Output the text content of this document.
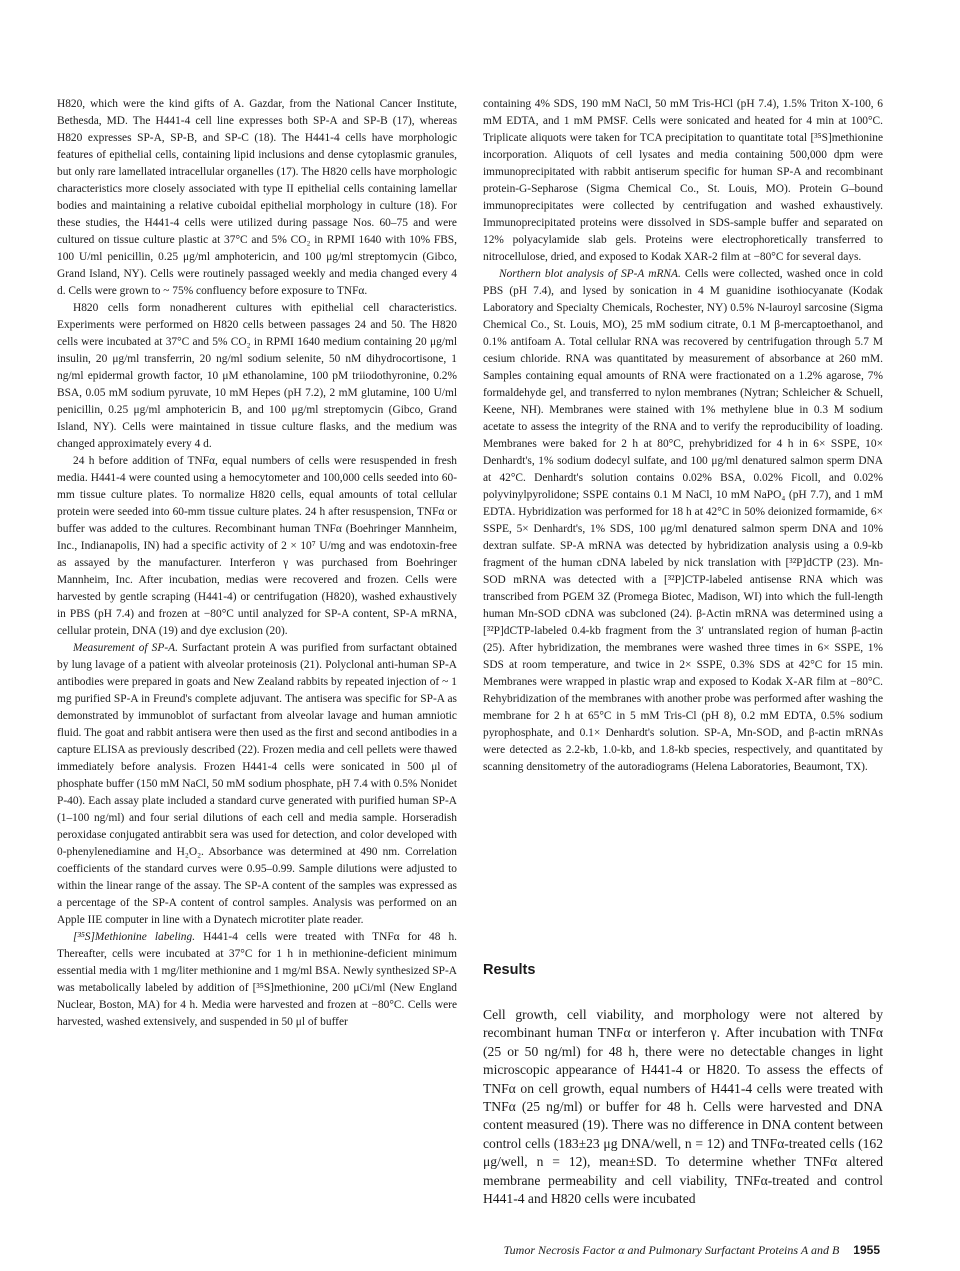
H820, which were the kind gifts of A. Gazdar, from the National Cancer Institute, Bethesda, MD. The H441-4 cell line expresses both SP-A and SP-B (17), whereas H820 expresses SP-A, SP-B, and SP-C (18). The H441-4 cells have morphologic features of epithelial cells, containing lipid inclusions and dense cytoplasmic granules, but only rare lamellated intracellular organelles (17). The H820 cells have morphologic characteristics more closely associated with type II epithelial cells containing lamellar bodies and maintaining a relative cuboidal epithelial morphology in culture (18). For these studies, the H441-4 cells were utilized during passage Nos. 60–75 and were cultured on tissue culture plastic at 37°C and 5% CO₂ in RPMI 1640 with 10% FBS, 100 U/ml penicillin, 0.25 μg/ml amphotericin, and 100 μg/ml streptomycin (Gibco, Grand Island, NY). Cells were routinely passaged weekly and media changed every 4 d. Cells were grown to ~ 75% confluency before exposure to TNFα.

H820 cells form nonadherent cultures with epithelial cell characteristics. Experiments were performed on H820 cells between passages 24 and 50. The H820 cells were incubated at 37°C and 5% CO₂ in RPMI 1640 medium containing 20 μg/ml insulin, 20 μg/ml transferrin, 20 ng/ml sodium selenite, 50 nM dihydrocortisone, 1 ng/ml epidermal growth factor, 10 μM ethanolamine, 100 pM triiodothyronine, 0.2% BSA, 0.05 mM sodium pyruvate, 10 mM Hepes (pH 7.2), 2 mM glutamine, 100 U/ml penicillin, 0.25 μg/ml amphotericin B, and 100 μg/ml streptomycin (Gibco, Grand Island, NY). Cells were maintained in tissue culture flasks, and the medium was changed approximately every 4 d.

24 h before addition of TNFα, equal numbers of cells were resuspended in fresh media. H441-4 were counted using a hemocytometer and 100,000 cells seeded into 60-mm tissue culture plates. To normalize H820 cells, equal amounts of total cellular protein were seeded into 60-mm tissue culture plates. 24 h after resuspension, TNFα or buffer was added to the cultures. Recombinant human TNFα (Boehringer Mannheim, Inc., Indianapolis, IN) had a specific activity of 2 × 10⁷ U/mg and was endotoxin-free as assayed by the manufacturer. Interferon γ was purchased from Boehringer Mannheim, Inc. After incubation, medias were recovered and frozen. Cells were harvested by gentle scraping (H441-4) or centrifugation (H820), washed exhaustively in PBS (pH 7.4) and frozen at −80°C until analyzed for SP-A content, SP-A mRNA, cellular protein, DNA (19) and dye exclusion (20).

Measurement of SP-A. Surfactant protein A was purified from surfactant obtained by lung lavage of a patient with alveolar proteinosis (21). Polyclonal anti-human SP-A antibodies were prepared in goats and New Zealand rabbits by repeated injection of ~ 1 mg purified SP-A in Freund's complete adjuvant. The antisera was specific for SP-A as demonstrated by immunoblot of surfactant from alveolar lavage and human amniotic fluid. The goat and rabbit antisera were then used as the first and second antibodies in a capture ELISA as previously described (22). Frozen media and cell pellets were thawed immediately before analysis. Frozen H441-4 cells were sonicated in 500 μl of phosphate buffer (150 mM NaCl, 50 mM sodium phosphate, pH 7.4 with 0.5% Nonidet P-40). Each assay plate included a standard curve generated with purified human SP-A (1–100 ng/ml) and four serial dilutions of each cell and media sample. Horseradish peroxidase conjugated antirabbit sera was used for detection, and color developed with 0-phenylenediamine and H₂O₂. Absorbance was determined at 490 nm. Correlation coefficients of the standard curves were 0.95–0.99. Sample dilutions were adjusted to within the linear range of the assay. The SP-A content of the samples was expressed as a percentage of the SP-A content of control samples. Analysis was performed on an Apple IIE computer in line with a Dynatech microtiter plate reader.

[³⁵S]Methionine labeling. H441-4 cells were treated with TNFα for 48 h. Thereafter, cells were incubated at 37°C for 1 h in methionine-deficient minimum essential media with 1 mg/liter methionine and 1 mg/ml BSA. Newly synthesized SP-A was metabolically labeled by addition of [³⁵S]methionine, 200 μCi/ml (New England Nuclear, Boston, MA) for 4 h. Media were harvested and frozen at −80°C. Cells were harvested, washed extensively, and suspended in 50 μl of buffer

containing 4% SDS, 190 mM NaCl, 50 mM Tris-HCl (pH 7.4), 1.5% Triton X-100, 6 mM EDTA, and 1 mM PMSF. Cells were sonicated and heated for 4 min at 100°C. Triplicate aliquots were taken for TCA precipitation to quantitate total [³⁵S]methionine incorporation. Aliquots of cell lysates and media containing 500,000 dpm were immunoprecipitated with rabbit antiserum specific for human SP-A and recombinant protein-G-Sepharose (Sigma Chemical Co., St. Louis, MO). Protein G–bound immunoprecipitates were collected by centrifugation and washed exhaustively. Immunoprecipitated proteins were dissolved in SDS-sample buffer and separated on 12% polyacylamide slab gels. Proteins were electrophoretically transferred to nitrocellulose, dried, and exposed to Kodak XAR-2 film at −80°C for several days.

Northern blot analysis of SP-A mRNA. Cells were collected, washed once in cold PBS (pH 7.4), and lysed by sonication in 4 M guanidine isothiocyanate (Kodak Laboratory and Specialty Chemicals, Rochester, NY) 0.5% N-lauroyl sarcosine (Sigma Chemical Co., St. Louis, MO), 25 mM sodium citrate, 0.1 M β-mercaptoethanol, and 0.1% antifoam A. Total cellular RNA was recovered by centrifugation through 5.7 M cesium chloride. RNA was quantitated by measurement of absorbance at 260 mM. Samples containing equal amounts of RNA were fractionated on a 1.2% agarose, 7% formaldehyde gel, and transferred to nylon membranes (Nytran; Schleicher & Schuell, Keene, NH). Membranes were stained with 1% methylene blue in 0.3 M sodium acetate to assess the integrity of the RNA and to verify the reproducibility of loading. Membranes were baked for 2 h at 80°C, prehybridized for 4 h in 6× SSPE, 10× Denhardt's, 1% sodium dodecyl sulfate, and 100 μg/ml denatured salmon sperm DNA at 42°C. Denhardt's solution contains 0.02% BSA, 0.02% Ficoll, and 0.02% polyvinylpyrolidone; SSPE contains 0.1 M NaCl, 10 mM NaPO₄ (pH 7.7), and 1 mM EDTA. Hybridization was performed for 18 h at 42°C in 50% deionized formamide, 6× SSPE, 5× Denhardt's, 1% SDS, 100 μg/ml denatured salmon sperm DNA and 10% dextran sulfate. SP-A mRNA was detected by hybridization analysis using a 0.9-kb fragment of the human cDNA labeled by nick translation with [³²P]dCTP (23). Mn-SOD mRNA was detected with a [³²P]CTP-labeled antisense RNA which was transcribed from PGEM 3Z (Promega Biotec, Madison, WI) into which the full-length human Mn-SOD cDNA was subcloned (24). β-Actin mRNA was determined using a [³²P]dCTP-labeled 0.4-kb fragment from the 3′ untranslated region of human β-actin (25). After hybridization, the membranes were washed three times in 6× SSPE, 1% SDS at room temperature, and twice in 2× SSPE, 0.3% SDS at 42°C for 15 min. Membranes were wrapped in plastic wrap and exposed to Kodak X-AR film at −80°C. Rehybridization of the membranes with another probe was performed after washing the membrane for 2 h at 65°C in 5 mM Tris-Cl (pH 8), 0.2 mM EDTA, 0.5% sodium pyrophosphate, and 0.1× Denhardt's solution. SP-A, Mn-SOD, and β-actin mRNAs were detected as 2.2-kb, 1.0-kb, and 1.8-kb species, respectively, and quantitated by scanning densitometry of the autoradiograms (Helena Laboratories, Beaumont, TX).

Results

Cell growth, cell viability, and morphology were not altered by recombinant human TNFα or interferon γ. After incubation with TNFα (25 or 50 ng/ml) for 48 h, there were no detectable changes in light microscopic appearance of H441-4 or H820. To assess the effects of TNFα on cell growth, equal numbers of H441-4 cells were treated with TNFα (25 ng/ml) or buffer for 48 h. Cells were harvested and DNA content measured (19). There was no difference in DNA content between control cells (183±23 μg DNA/well, n = 12) and TNFα-treated cells (162 μg/well, n = 12), mean±SD. To determine whether TNFα altered membrane permeability and cell viability, TNFα-treated and control H441-4 and H820 cells were incubated

Tumor Necrosis Factor α and Pulmonary Surfactant Proteins A and B 1955
